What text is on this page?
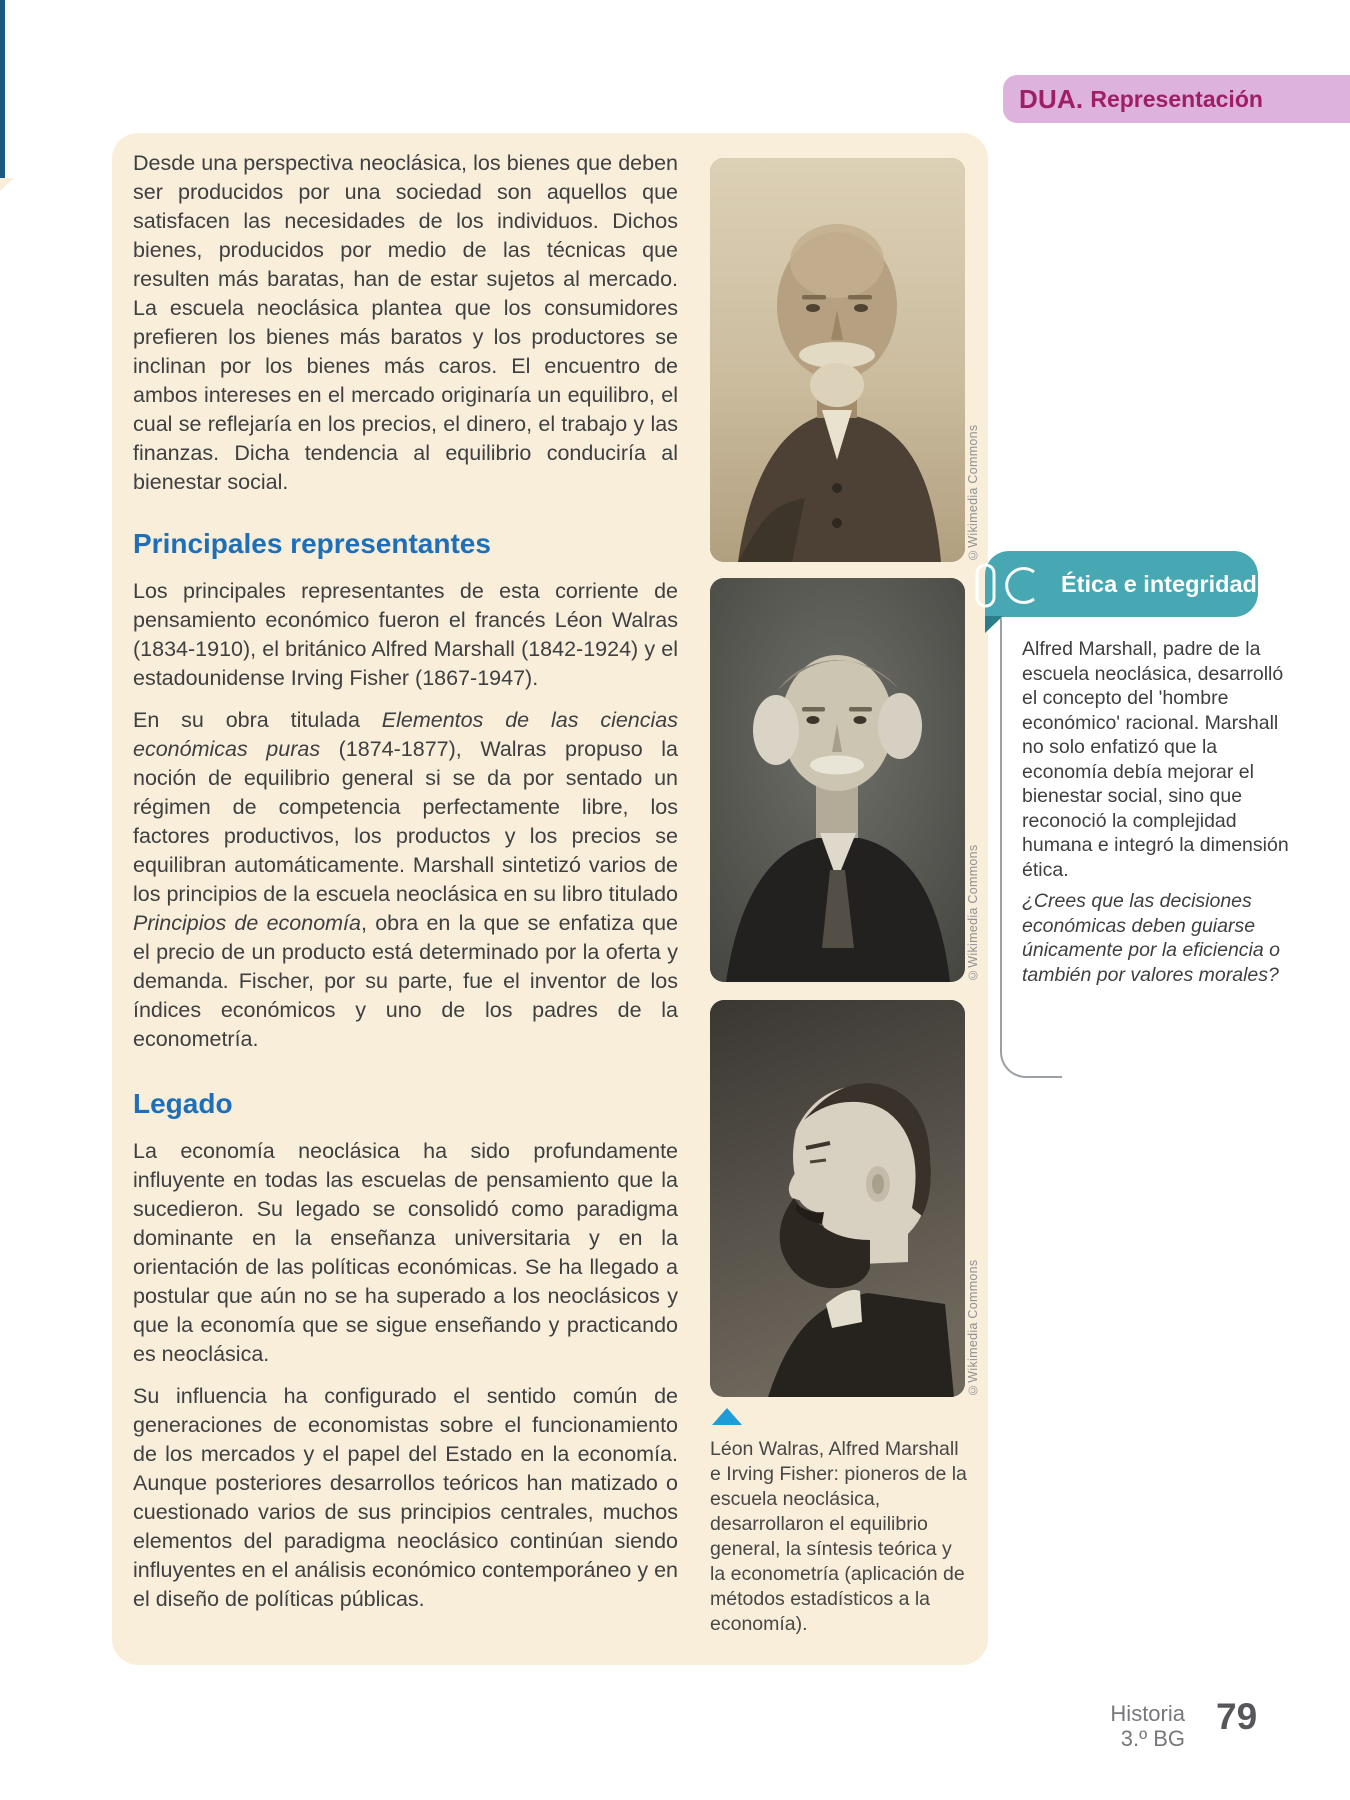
DUA. Representación

Desde una perspectiva neoclásica, los bienes que deben ser producidos por una sociedad son aquellos que satisfacen las necesidades de los individuos. Dichos bienes, producidos por medio de las técnicas que resulten más baratas, han de estar sujetos al mercado. La escuela neoclásica plantea que los consumidores prefieren los bienes más baratos y los productores se inclinan por los bienes más caros. El encuentro de ambos intereses en el mercado originaría un equilibro, el cual se reflejaría en los precios, el dinero, el trabajo y las finanzas. Dicha tendencia al equilibrio conduciría al bienestar social.

Principales representantes

Los principales representantes de esta corriente de pensamiento económico fueron el francés Léon Walras (1834-1910), el británico Alfred Marshall (1842-1924) y el estadounidense Irving Fisher (1867-1947).

En su obra titulada Elementos de las ciencias económicas puras (1874-1877), Walras propuso la noción de equilibrio general si se da por sentado un régimen de competencia perfectamente libre, los factores productivos, los productos y los precios se equilibran automáticamente. Marshall sintetizó varios de los principios de la escuela neoclásica en su libro titulado Principios de economía, obra en la que se enfatiza que el precio de un producto está determinado por la oferta y demanda. Fischer, por su parte, fue el inventor de los índices económicos y uno de los padres de la econometría.

Legado

La economía neoclásica ha sido profundamente influyente en todas las escuelas de pensamiento que la sucedieron. Su legado se consolidó como paradigma dominante en la enseñanza universitaria y en la orientación de las políticas económicas. Se ha llegado a postular que aún no se ha superado a los neoclásicos y que la economía que se sigue enseñando y practicando es neoclásica.

Su influencia ha configurado el sentido común de generaciones de economistas sobre el funcionamiento de los mercados y el papel del Estado en la economía. Aunque posteriores desarrollos teóricos han matizado o cuestionado varios de sus principios centrales, muchos elementos del paradigma neoclásico continúan siendo influyentes en el análisis económico contemporáneo y en el diseño de políticas públicas.

©Wikimedia Commons
©Wikimedia Commons
©Wikimedia Commons
Léon Walras, Alfred Marshall e Irving Fisher: pioneros de la escuela neoclásica, desarrollaron el equilibrio general, la síntesis teórica y la econometría (aplicación de métodos estadísticos a la economía).
Ética e integridad

Alfred Marshall, padre de la escuela neoclásica, desarrolló el concepto del 'hombre económico' racional. Marshall no solo enfatizó que la economía debía mejorar el bienestar social, sino que reconoció la complejidad humana e integró la dimensión ética.

¿Crees que las decisiones económicas deben guiarse únicamente por la eficiencia o también por valores morales?

Historia
3.º BG
79
